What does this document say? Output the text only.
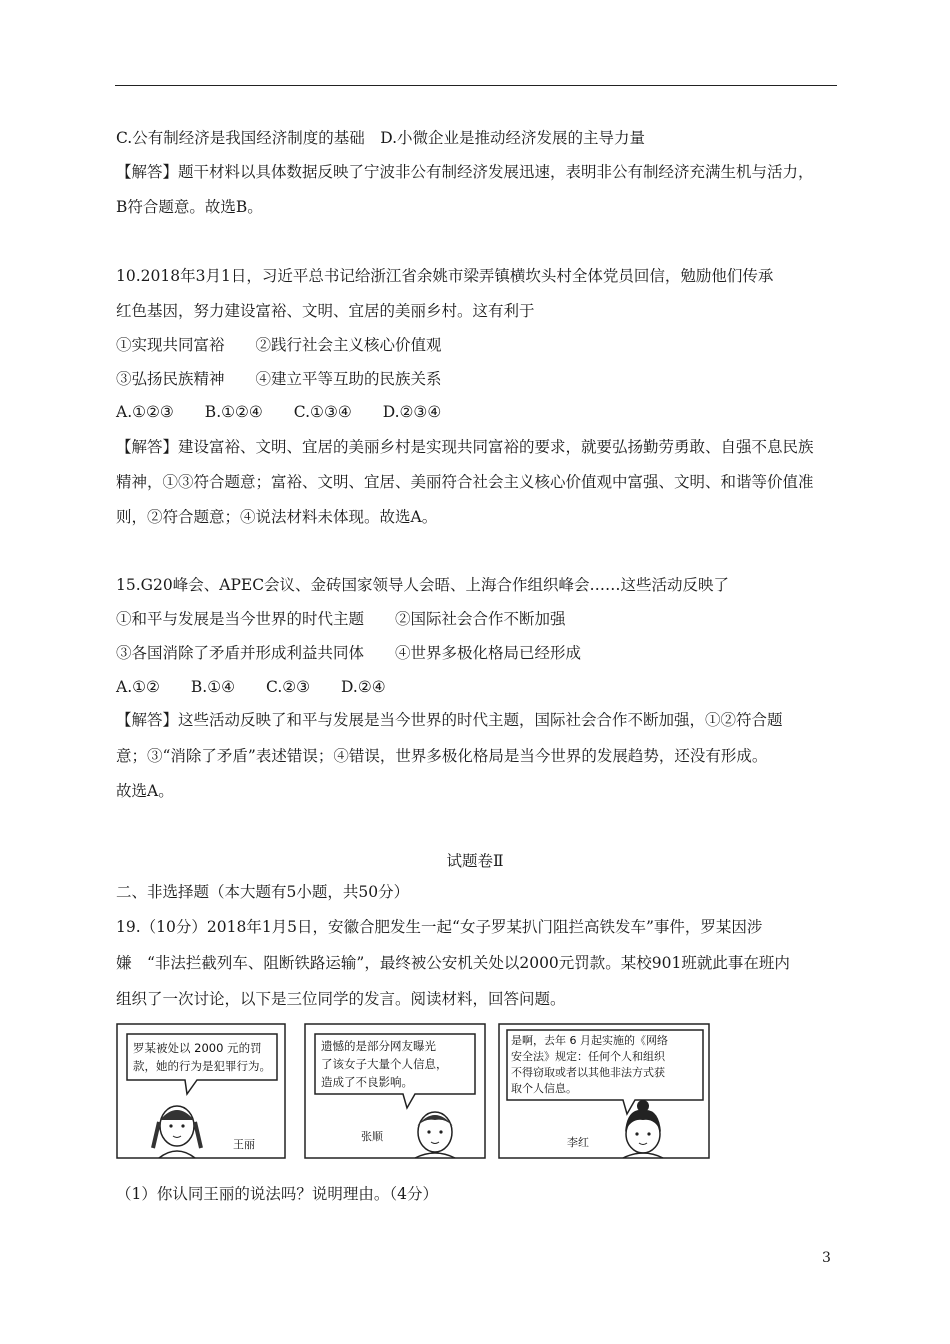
C.公有制经济是我国经济制度的基础　D.小微企业是推动经济发展的主导力量
【解答】题干材料以具体数据反映了宁波非公有制经济发展迅速，表明非公有制经济充满生机与活力，
B符合题意。故选B。
10.2018年3月1日，习近平总书记给浙江省余姚市梁弄镇横坎头村全体党员回信，勉励他们传承
红色基因，努力建设富裕、文明、宜居的美丽乡村。这有利于
①实现共同富裕　　②践行社会主义核心价值观
③弘扬民族精神　　④建立平等互助的民族关系
A.①②③　　B.①②④　　C.①③④　　D.②③④
【解答】建设富裕、文明、宜居的美丽乡村是实现共同富裕的要求，就要弘扬勤劳勇敢、自强不息民族
精神，①③符合题意；富裕、文明、宜居、美丽符合社会主义核心价值观中富强、文明、和谐等价值准
则，②符合题意；④说法材料未体现。故选A。
15.G20峰会、APEC会议、金砖国家领导人会晤、上海合作组织峰会……这些活动反映了
①和平与发展是当今世界的时代主题　　②国际社会合作不断加强
③各国消除了矛盾并形成利益共同体　　④世界多极化格局已经形成
A.①②　　B.①④　　C.②③　　D.②④
【解答】这些活动反映了和平与发展是当今世界的时代主题，国际社会合作不断加强，①②符合题
意；③“消除了矛盾”表述错误；④错误，世界多极化格局是当今世界的发展趋势，还没有形成。
故选A。
二、非选择题（本大题有5小题，共50分）
19.（10分）2018年1月5日，安徽合肥发生一起“女子罗某扒门阻拦高铁发车”事件，罗某因涉
嫌　“非法拦截列车、阻断铁路运输”，最终被公安机关处以2000元罚款。某校901班就此事在班内
组织了一次讨论，以下是三位同学的发言。阅读材料，回答问题。
（1）你认同王丽的说法吗？说明理由。（4分）
试题卷Ⅱ
罗某被处以 2000 元的罚
款，她的行为是犯罪行为。
王丽
遗憾的是部分网友曝光
了该女子大量个人信息，
造成了不良影响。
张顺
是啊，去年 6 月起实施的《网络
安全法》规定：任何个人和组织
不得窃取或者以其他非法方式获
取个人信息。
李红
3
